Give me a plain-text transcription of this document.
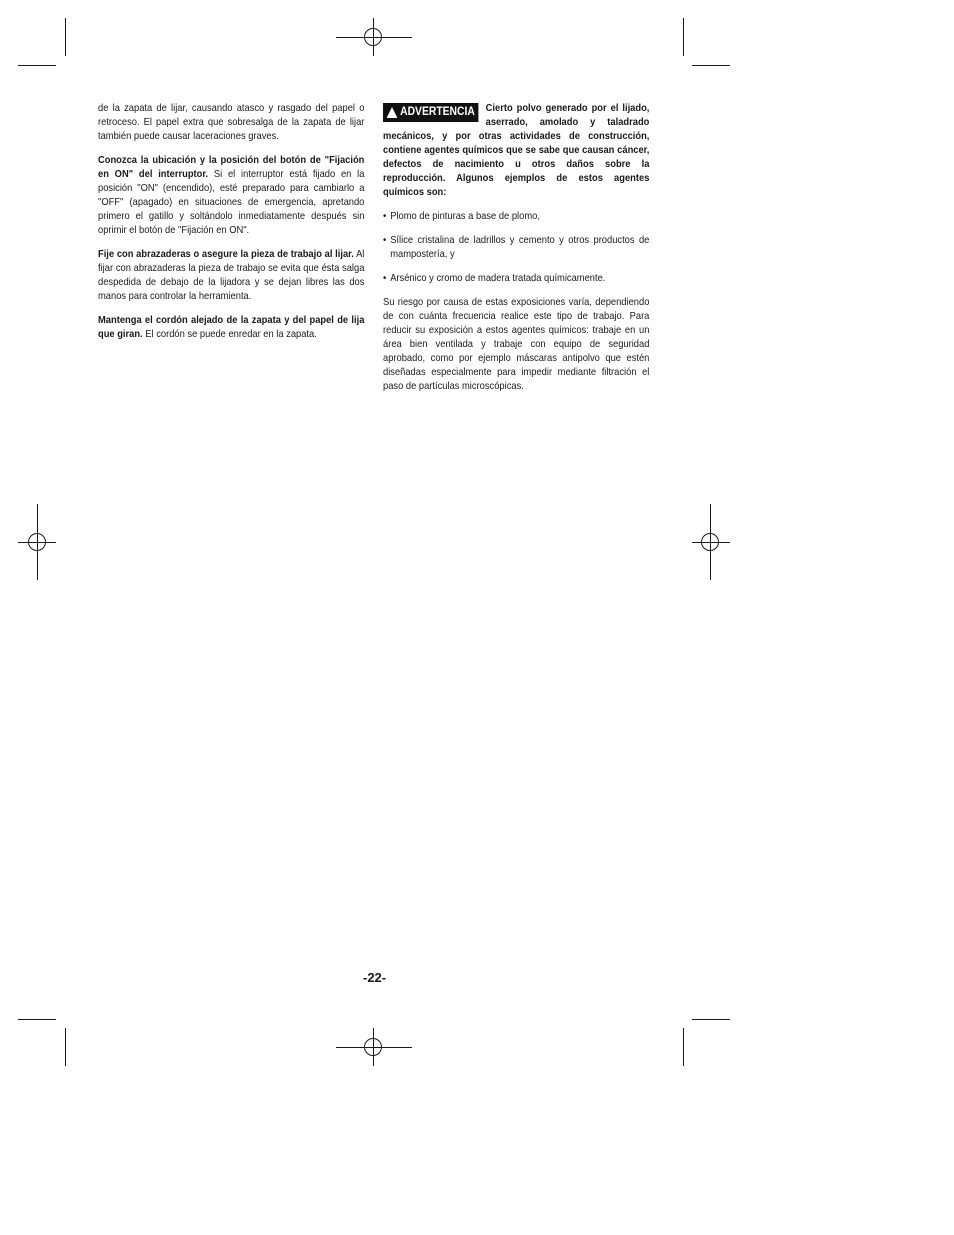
de la zapata de lijar, causando atasco y rasgado del papel o retroceso. El papel extra que sobresalga de la zapata de lijar también puede causar laceraciones graves.

Conozca la ubicación y la posición del botón de "Fijación en ON" del interruptor. Si el interruptor está fijado en la posición "ON" (encendido), esté preparado para cambiarlo a "OFF" (apagado) en situaciones de emergencia, apretando primero el gatillo y soltándolo inmediatamente después sin oprimir el botón de "Fijación en ON".

Fije con abrazaderas o asegure la pieza de trabajo al lijar. Al fijar con abrazaderas la pieza de trabajo se evita que ésta salga despedida de debajo de la lijadora y se dejan libres las dos manos para controlar la herramienta.

Mantenga el cordón alejado de la zapata y del papel de lija que giran. El cordón se puede enredar en la zapata.

ADVERTENCIA Cierto polvo generado por el lijado, aserrado, amolado y taladrado mecánicos, y por otras actividades de construcción, contiene agentes químicos que se sabe que causan cáncer, defectos de nacimiento u otros daños sobre la reproducción. Algunos ejemplos de estos agentes químicos son:

• Plomo de pinturas a base de plomo,
• Sílice cristalina de ladrillos y cemento y otros productos de mampostería, y
• Arsénico y cromo de madera tratada químicamente.

Su riesgo por causa de estas exposiciones varía, dependiendo de con cuánta frecuencia realice este tipo de trabajo. Para reducir su exposición a estos agentes químicos: trabaje en un área bien ventilada y trabaje con equipo de seguridad aprobado, como por ejemplo máscaras antipolvo que estén diseñadas especialmente para impedir mediante filtración el paso de partículas microscópicas.

-22-
